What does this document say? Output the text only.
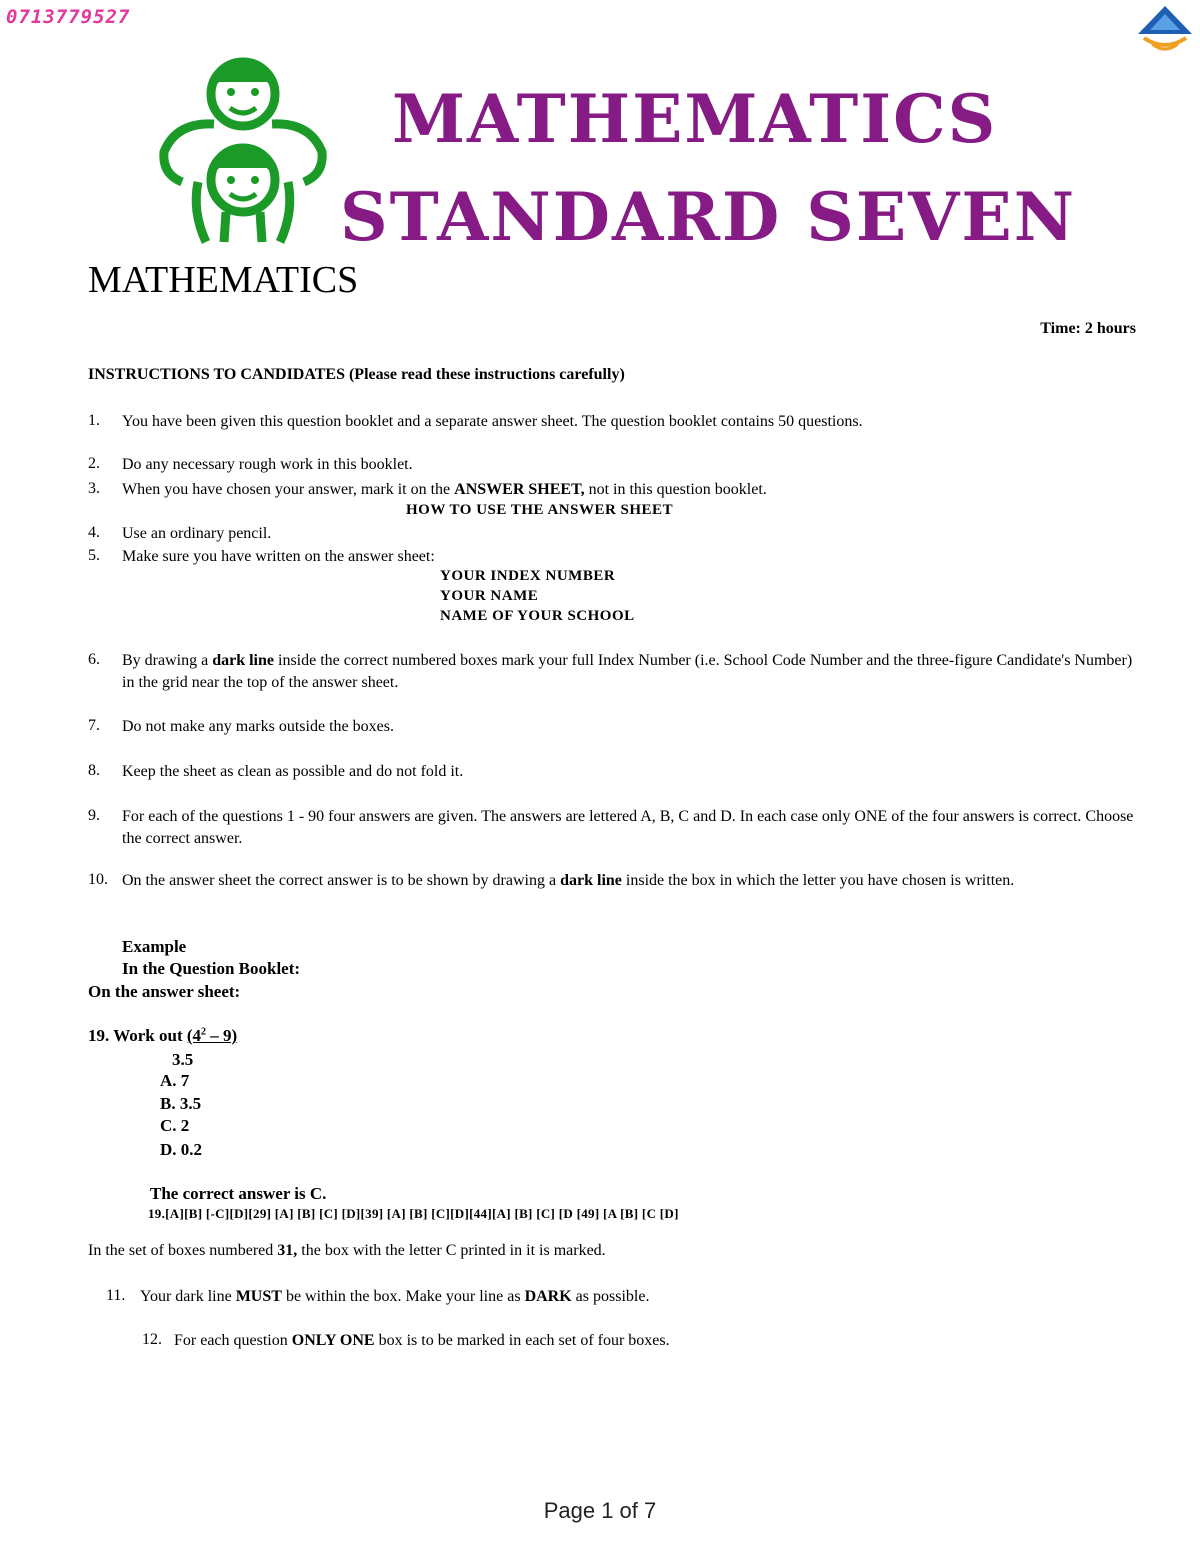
0713779527
MATHEMATICS
STANDARD SEVEN
MATHEMATICS
Time: 2 hours
INSTRUCTIONS TO CANDIDATES (Please read these instructions carefully)
1. You have been given this question booklet and a separate answer sheet. The question booklet contains 50 questions.
2. Do any necessary rough work in this booklet.
3. When you have chosen your answer, mark it on the ANSWER SHEET, not in this question booklet.
HOW TO USE THE ANSWER SHEET
4. Use an ordinary pencil.
5. Make sure you have written on the answer sheet:
YOUR INDEX NUMBER
YOUR NAME
NAME OF YOUR SCHOOL
6. By drawing a dark line inside the correct numbered boxes mark your full Index Number (i.e. School Code Number and the three-figure Candidate's Number) in the grid near the top of the answer sheet.
7. Do not make any marks outside the boxes.
8. Keep the sheet as clean as possible and do not fold it.
9. For each of the questions 1 - 90 four answers are given. The answers are lettered A, B, C and D. In each case only ONE of the four answers is correct. Choose the correct answer.
10. On the answer sheet the correct answer is to be shown by drawing a dark line inside the box in which the letter you have chosen is written.
Example
In the Question Booklet:
On the answer sheet:
19. Work out $(4^2 - 9)$
3.5
A. 7
B. 3.5
C. 2
D. 0.2
The correct answer is C.
19.[A][B] [-C][D][29] [A] [B] [C] [D][39] [A] [B] [C][D][44][A] [B] [C] [D [49] [A [B] [C [D]
In the set of boxes numbered 31, the box with the letter C printed in it is marked.
11. Your dark line MUST be within the box. Make your line as DARK as possible.
12. For each question ONLY ONE box is to be marked in each set of four boxes.
Page 1 of 7
